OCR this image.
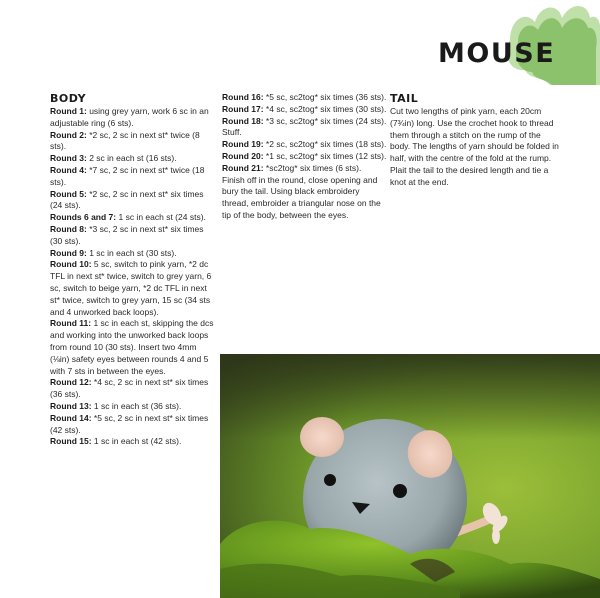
MOUSE
BODY

Round 1: using grey yarn, work 6 sc in an adjustable ring (6 sts).

Round 2: *2 sc, 2 sc in next st* twice (8 sts).

Round 3: 2 sc in each st (16 sts).

Round 4: *7 sc, 2 sc in next st* twice (18 sts).

Round 5: *2 sc, 2 sc in next st* six times (24 sts).

Rounds 6 and 7: 1 sc in each st (24 sts).

Round 8: *3 sc, 2 sc in next st* six times (30 sts).

Round 9: 1 sc in each st (30 sts).

Round 10: 5 sc, switch to pink yarn, *2 dc TFL in next st* twice, switch to grey yarn, 6 sc, switch to beige yarn, *2 dc TFL in next st* twice, switch to grey yarn, 15 sc (34 sts and 4 unworked back loops).

Round 11: 1 sc in each st, skipping the dcs and working into the unworked back loops from round 10 (30 sts). Insert two 4mm (⅛in) safety eyes between rounds 4 and 5 with 7 sts in between the eyes.

Round 12: *4 sc, 2 sc in next st* six times (36 sts).

Round 13: 1 sc in each st (36 sts).

Round 14: *5 sc, 2 sc in next st* six times (42 sts).

Round 15: 1 sc in each st (42 sts).

Round 16: *5 sc, sc2tog* six times (36 sts).

Round 17: *4 sc, sc2tog* six times (30 sts).

Round 18: *3 sc, sc2tog* six times (24 sts).

Stuff.

Round 19: *2 sc, sc2tog* six times (18 sts).

Round 20: *1 sc, sc2tog* six times (12 sts).

Round 21: *sc2tog* six times (6 sts).

Finish off in the round, close opening and bury the tail. Using black embroidery thread, embroider a triangular nose on the tip of the body, between the eyes.

TAIL

Cut two lengths of pink yarn, each 20cm (7¾in) long. Use the crochet hook to thread them through a stitch on the rump of the body. The lengths of yarn should be folded in half, with the centre of the fold at the rump. Plait the tail to the desired length and tie a knot at the end.
